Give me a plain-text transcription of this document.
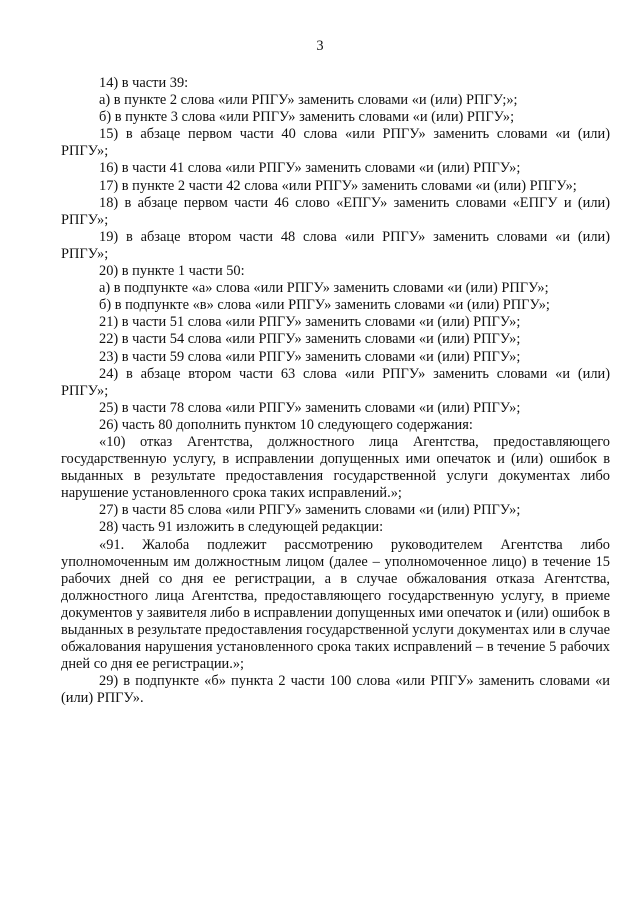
3

14) в части 39:

а) в пункте 2 слова «или РПГУ» заменить словами «и (или) РПГУ;»;

б) в пункте 3 слова «или РПГУ» заменить словами «и (или) РПГУ»;

15) в абзаце первом части 40 слова «или РПГУ» заменить словами «и (или) РПГУ»;

16) в части 41 слова «или РПГУ» заменить словами «и (или) РПГУ»;

17) в пункте 2 части 42 слова «или РПГУ» заменить словами «и (или) РПГУ»;

18) в абзаце первом части 46 слово «ЕПГУ» заменить словами «ЕПГУ и (или) РПГУ»;

19) в абзаце втором части 48 слова «или РПГУ» заменить словами «и (или) РПГУ»;

20) в пункте 1 части 50:

а) в подпункте «а» слова «или РПГУ» заменить словами «и (или) РПГУ»;

б) в подпункте «в» слова «или РПГУ» заменить словами «и (или) РПГУ»;

21) в части 51 слова «или РПГУ» заменить словами «и (или) РПГУ»;

22) в части 54 слова «или РПГУ» заменить словами «и (или) РПГУ»;

23) в части 59 слова «или РПГУ» заменить словами «и (или) РПГУ»;

24) в абзаце втором части 63 слова «или РПГУ» заменить словами «и (или) РПГУ»;

25) в части 78 слова «или РПГУ» заменить словами «и (или) РПГУ»;

26) часть 80 дополнить пунктом 10 следующего содержания:

«10) отказ Агентства, должностного лица Агентства, предоставляющего государственную услугу, в исправлении допущенных ими опечаток и (или) ошибок в выданных в результате предоставления государственной услуги документах либо нарушение установленного срока таких исправлений.»;

27) в части 85 слова «или РПГУ» заменить словами «и (или) РПГУ»;

28) часть 91 изложить в следующей редакции:

«91. Жалоба подлежит рассмотрению руководителем Агентства либо уполномоченным им должностным лицом (далее – уполномоченное лицо) в течение 15 рабочих дней со дня ее регистрации, а в случае обжалования отказа Агентства, должностного лица Агентства, предоставляющего государственную услугу, в приеме документов у заявителя либо в исправлении допущенных ими опечаток и (или) ошибок в выданных в результате предоставления государственной услуги документах или в случае обжалования нарушения установленного срока таких исправлений – в течение 5 рабочих дней со дня ее регистрации.»;

29) в подпункте «б» пункта 2 части 100 слова «или РПГУ» заменить словами «и (или) РПГУ».
